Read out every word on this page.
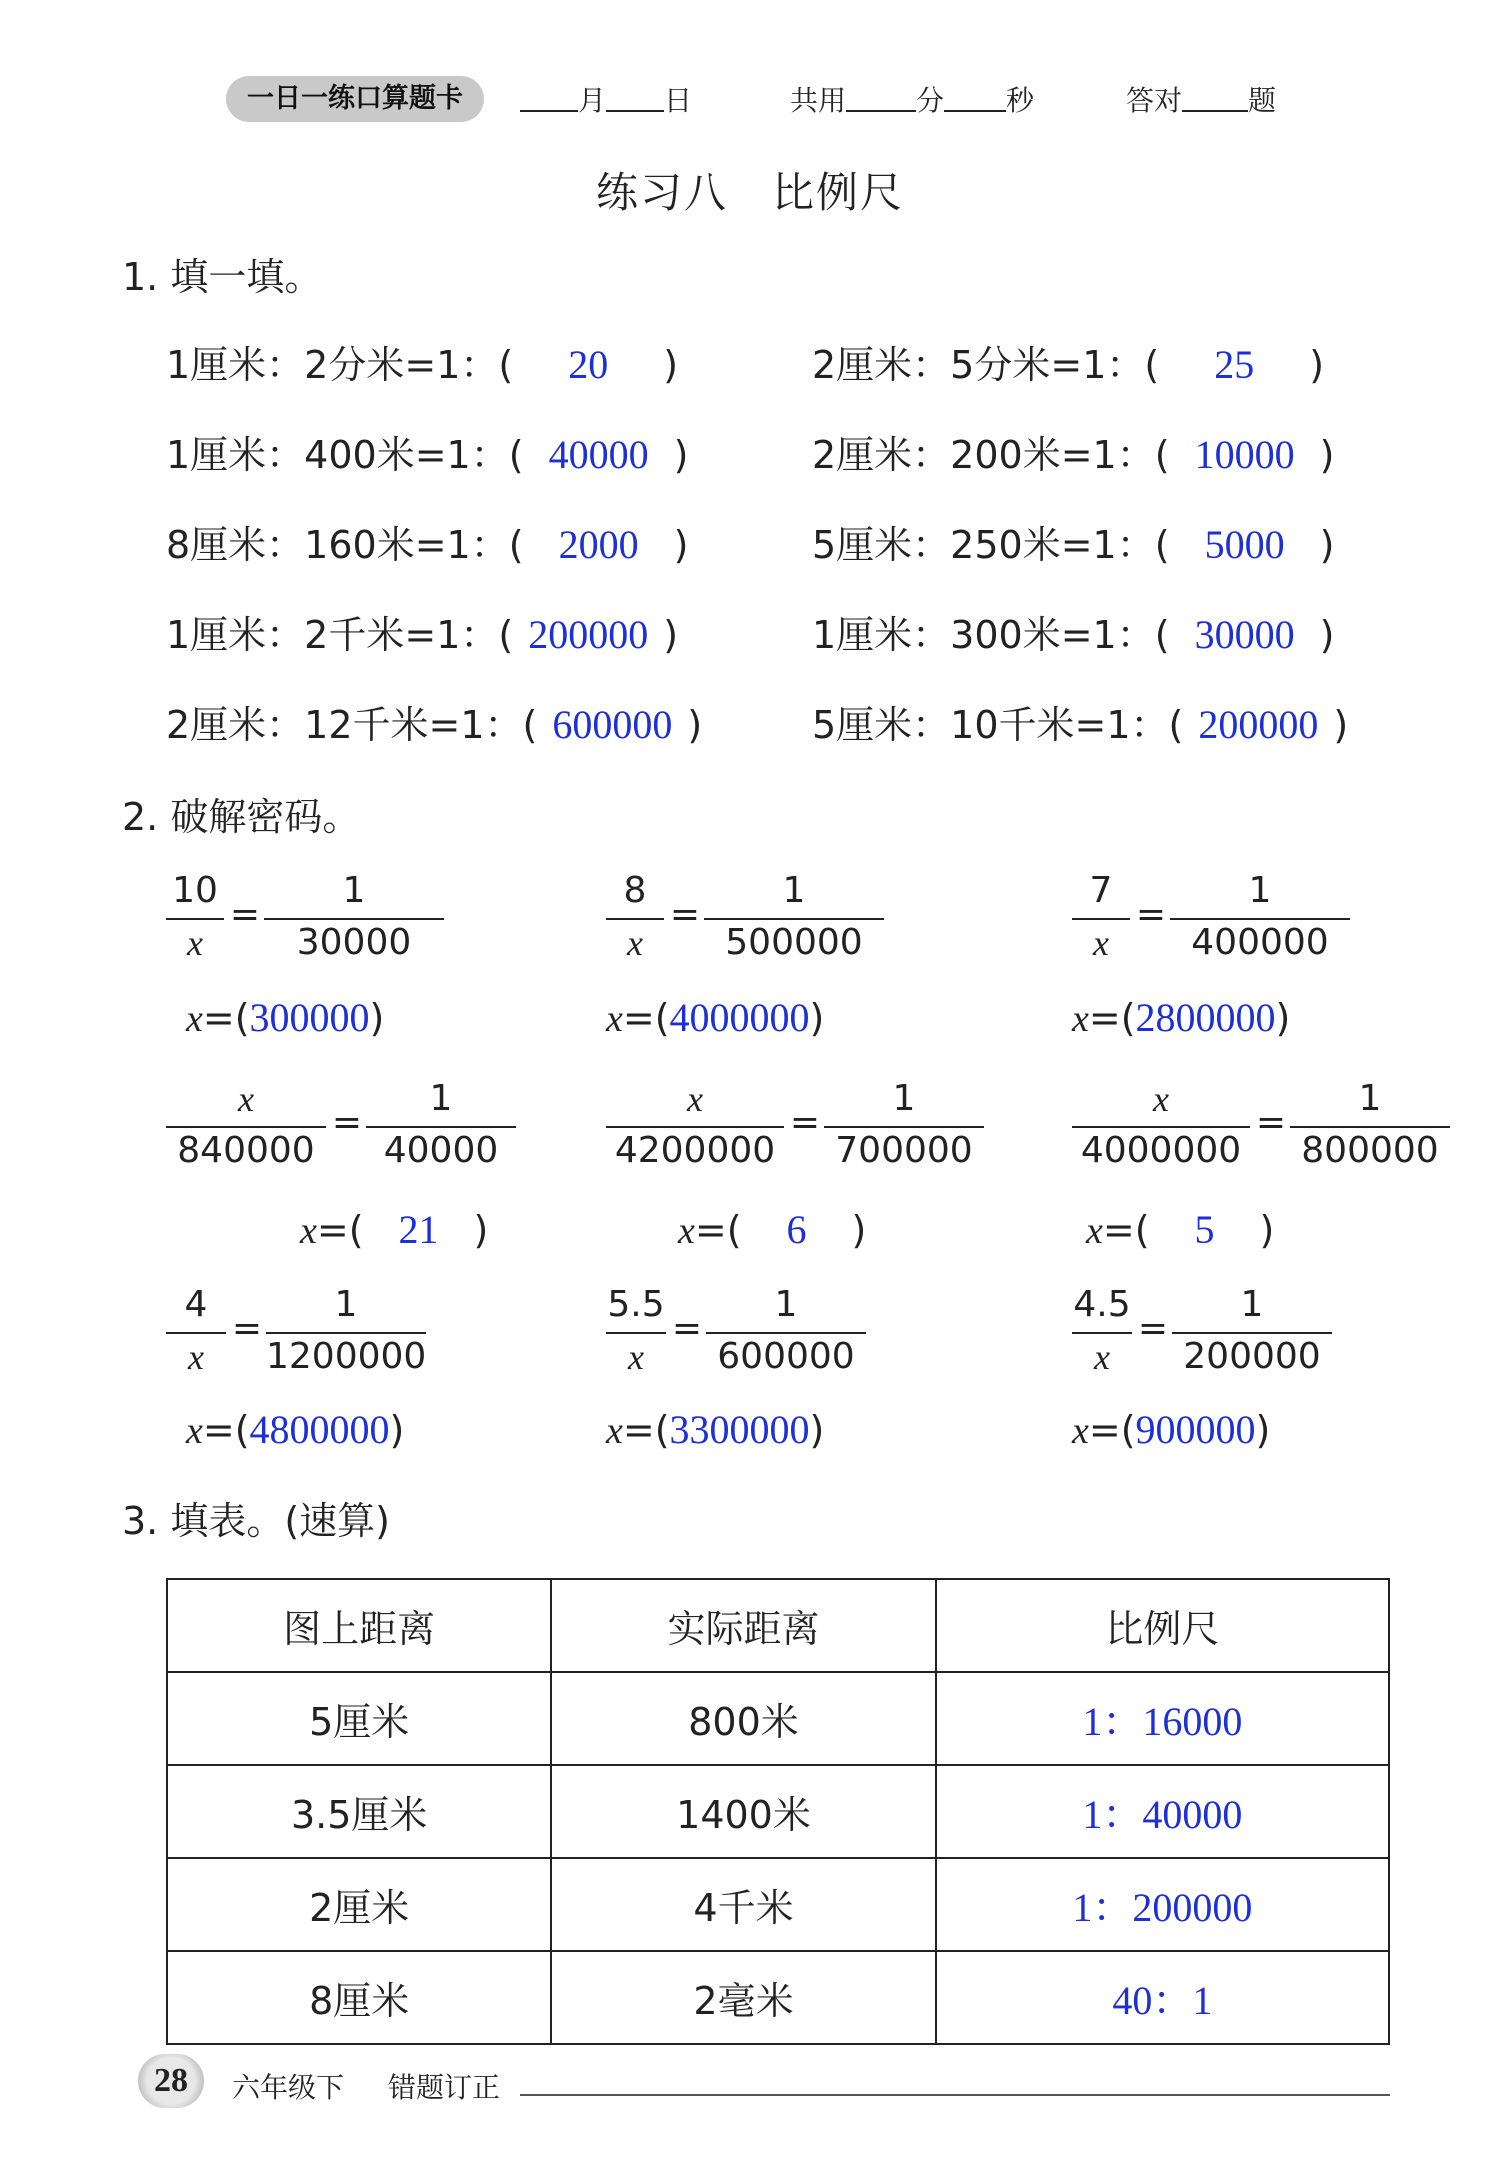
一日一练口算题卡	月 日	共用	分 秒	答对 题
练习八　比例尺
1. 填一填。
1厘米：2分米=1：( 20 )
1厘米：400米=1：( 40000 )
8厘米：160米=1：( 2000 )
1厘米：2千米=1：( 200000 )
2厘米：12千米=1：( 600000 )
2厘米：5分米=1：( 25 )
2厘米：200米=1：( 10000 )
5厘米：250米=1：( 5000 )
1厘米：300米=1：( 30000 )
5厘米：10千米=1：( 200000 )
2. 破解密码。
10
x
=
1
30000
x=(300000)
8
x
=
1
500000
x=(4000000)
7
x
=
1
400000
x=(2800000)
x
840000
=
1
40000
x=( 21 )
x
4200000
=
1
700000
x=( 6 )
x
4000000
=
1
800000
x=( 5 )
4
x
=
1
1200000
x=(4800000)
5.5
x
=
1
600000
x=(3300000)
4.5
x
=
1
200000
x=(900000)
3. 填表。(速算)
图上距离	实际距离	比例尺
5厘米	800米	1：16000
3.5厘米	1400米	1：40000
2厘米	4千米	1：200000
8厘米	2毫米	40：1
28	六年级下 错题订正
